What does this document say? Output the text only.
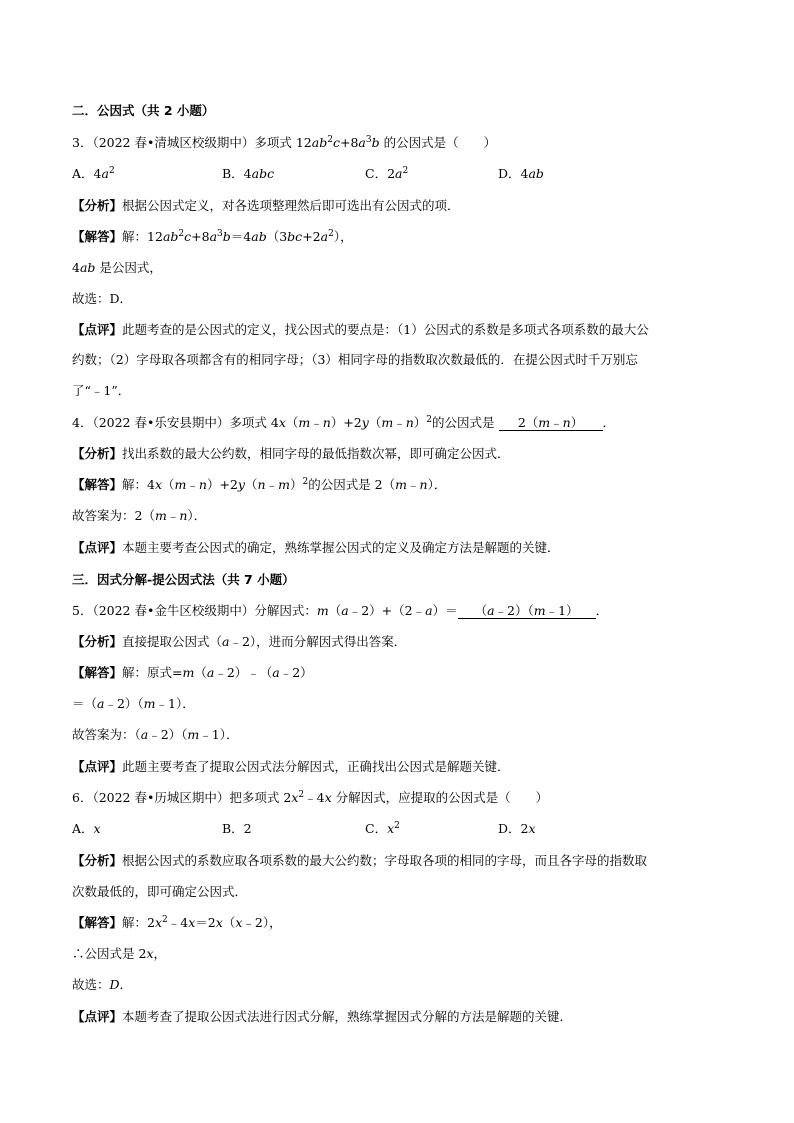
二．公因式（共 2 小题）
3．（2022 春•清城区校级期中）多项式 $12ab^2c+8a^3b$ 的公因式是（　　）
A．$4a^2$	B．4abc	C．$2a^2$	D．4ab
【分析】根据公因式定义，对各选项整理然后即可选出有公因式的项．
【解答】解：$12ab^2c+8a^3b=4ab(3bc+2a^2)$，
4ab 是公因式，
故选：D．
【点评】此题考查的是公因式的定义，找公因式的要点是：（1）公因式的系数是多项式各项系数的最大公
约数；（2）字母取各项都含有的相同字母；（3）相同字母的指数取次数最低的．在提公因式时千万别忘
了“﹣1”．
4．（2022 春•乐安县期中）多项式 4x（m﹣n）+2y（m﹣n）$^2$的公因式是 2（m﹣n） ．
【分析】找出系数的最大公约数，相同字母的最低指数次幂，即可确定公因式．
【解答】解：4x（m﹣n）+2y（n﹣m）$^2$的公因式是 2（m﹣n）．
故答案为：2（m﹣n）．
【点评】本题主要考查公因式的确定，熟练掌握公因式的定义及确定方法是解题的关键．
三．因式分解-提公因式法（共 7 小题）
5．（2022 春•金牛区校级期中）分解因式：m（a﹣2）+（2﹣a）＝ （a﹣2）（m﹣1） ．
【分析】直接提取公因式（a﹣2），进而分解因式得出答案．
【解答】解：原式=m（a﹣2）﹣（a﹣2）
＝（a﹣2）（m﹣1）．
故答案为：（a﹣2）（m﹣1）．
【点评】此题主要考查了提取公因式法分解因式，正确找出公因式是解题关键．
6．（2022 春•历城区期中）把多项式 $2x^2﹣4x$ 分解因式，应提取的公因式是（　　）
A．x	B．2	C．$x^2$	D．2x
【分析】根据公因式的系数应取各项系数的最大公约数；字母取各项的相同的字母，而且各字母的指数取
次数最低的，即可确定公因式．
【解答】解：$2x^2﹣4x=2x(x﹣2)$，
∴公因式是 2x，
故选：D．
【点评】本题考查了提取公因式法进行因式分解，熟练掌握因式分解的方法是解题的关键．
